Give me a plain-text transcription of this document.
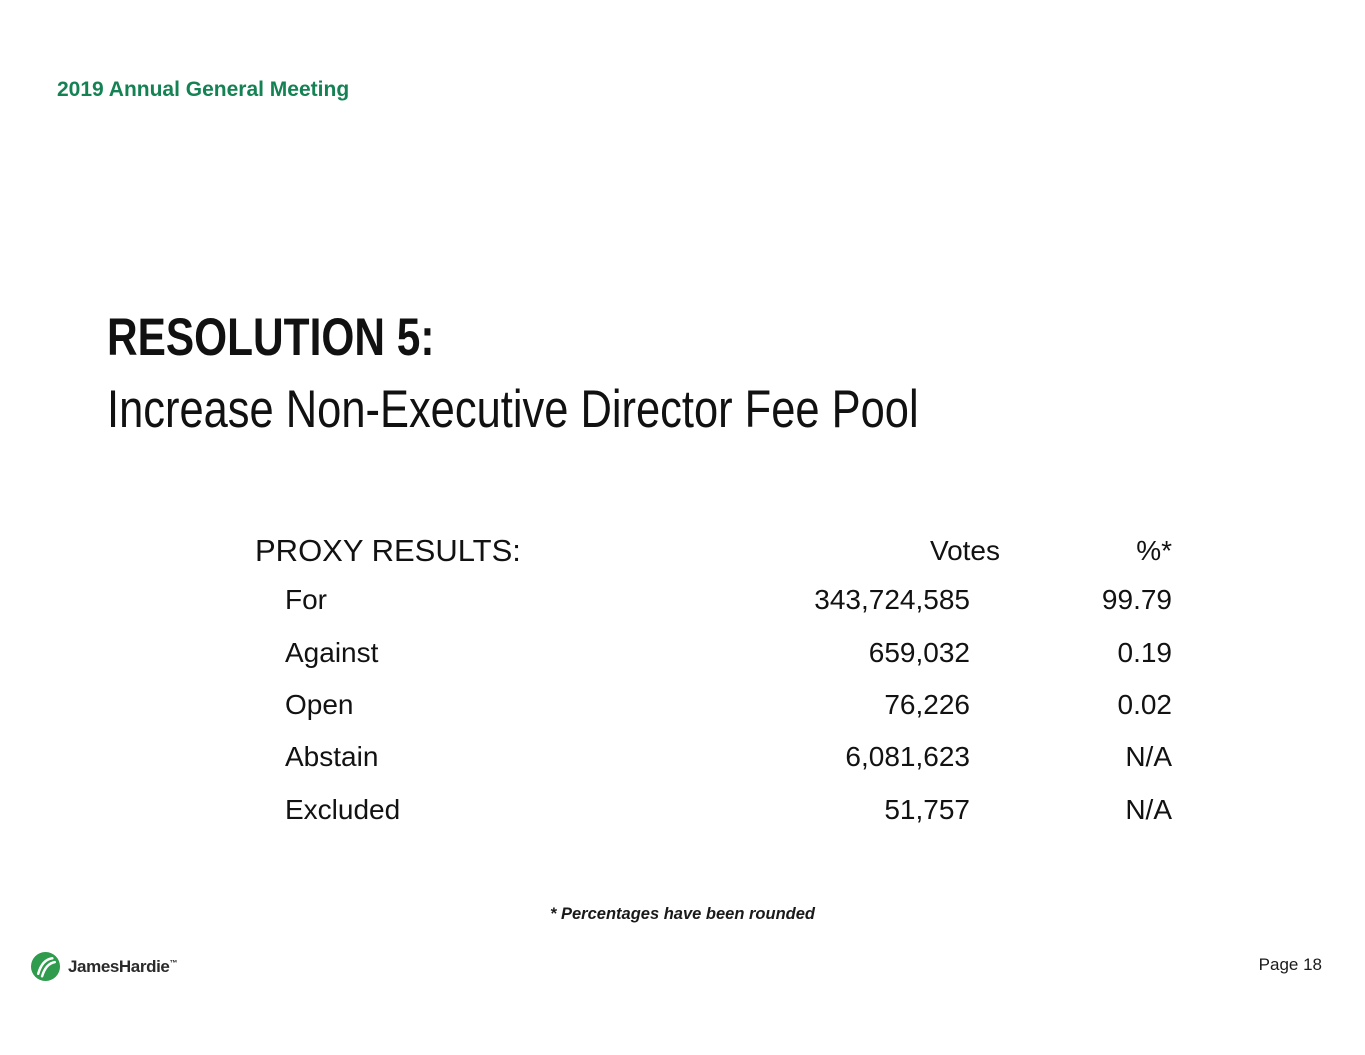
2019 Annual General Meeting
RESOLUTION 5:
Increase Non-Executive Director Fee Pool
PROXY RESULTS:	Votes	%*
For	343,724,585	99.79
Against	659,032	0.19
Open	76,226	0.02
Abstain	6,081,623	N/A
Excluded	51,757	N/A
* Percentages have been rounded
JamesHardie™	Page 18
